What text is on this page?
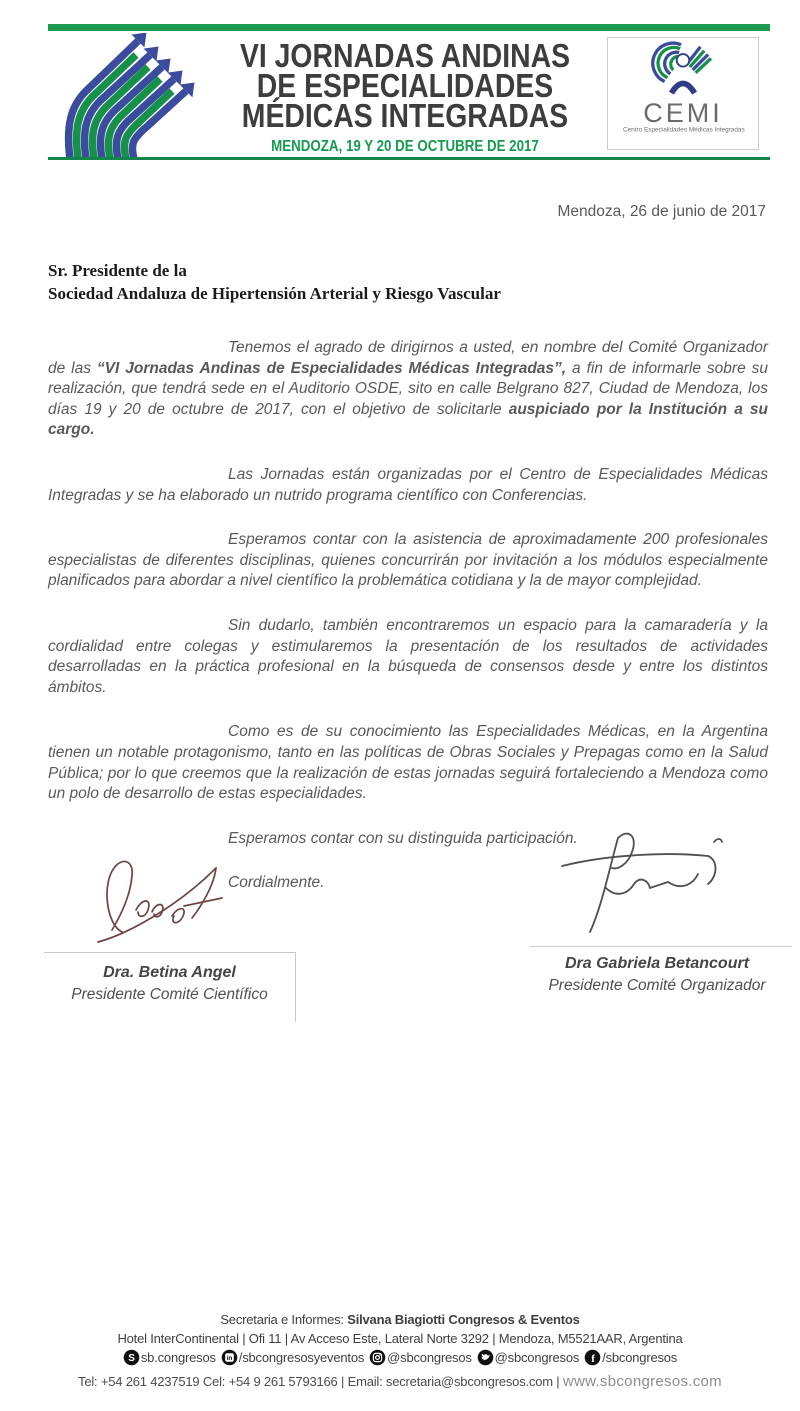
VI JORNADAS ANDINAS
DE ESPECIALIDADES
MÉDICAS INTEGRADAS
MENDOZA, 19 Y 20 DE OCTUBRE DE 2017
CEMI
Centro Especialidades Médicas Integradas
Mendoza, 26 de junio de 2017
Sr. Presidente de la
Sociedad Andaluza de Hipertensión Arterial y Riesgo Vascular

Tenemos el agrado de dirigirnos a usted, en nombre del Comité Organizador de las “VI Jornadas Andinas de Especialidades Médicas Integradas”, a fin de informarle sobre su realización, que tendrá sede en el Auditorio OSDE, sito en calle Belgrano 827, Ciudad de Mendoza, los días 19 y 20 de octubre de 2017, con el objetivo de solicitarle auspiciado por la Institución a su cargo.

Las Jornadas están organizadas por el Centro de Especialidades Médicas Integradas y se ha elaborado un nutrido programa científico con Conferencias.

Esperamos contar con la asistencia de aproximadamente 200 profesionales especialistas de diferentes disciplinas, quienes concurrirán por invitación a los módulos especialmente planificados para abordar a nivel científico la problemática cotidiana y la de mayor complejidad.

Sin dudarlo, también encontraremos un espacio para la camaradería y la cordialidad entre colegas y estimularemos la presentación de los resultados de actividades desarrolladas en la práctica profesional en la búsqueda de consensos desde y entre los distintos ámbitos.

Como es de su conocimiento las Especialidades Médicas, en la Argentina tienen un notable protagonismo, tanto en las políticas de Obras Sociales y Prepagas como en la Salud Pública; por lo que creemos que la realización de estas jornadas seguirá fortaleciendo a Mendoza como un polo de desarrollo de estas especialidades.

Esperamos contar con su distinguida participación.

Cordialmente.

Dra. Betina Angel
Presidente Comité Científico
Dra Gabriela Betancourt
Presidente Comité Organizador
Secretaria e Informes: Silvana Biagiotti Congresos & Eventos
Hotel InterContinental | Ofi 11 | Av Acceso Este, Lateral Norte 3292 | Mendoza, M5521AAR, Argentina
S sb.congresos in /sbcongresosyeventos @sbcongresos @sbcongresos f /sbcongresos
Tel: +54 261 4237519 Cel: +54 9 261 5793166 | Email: secretaria@sbcongresos.com | www.sbcongresos.com
